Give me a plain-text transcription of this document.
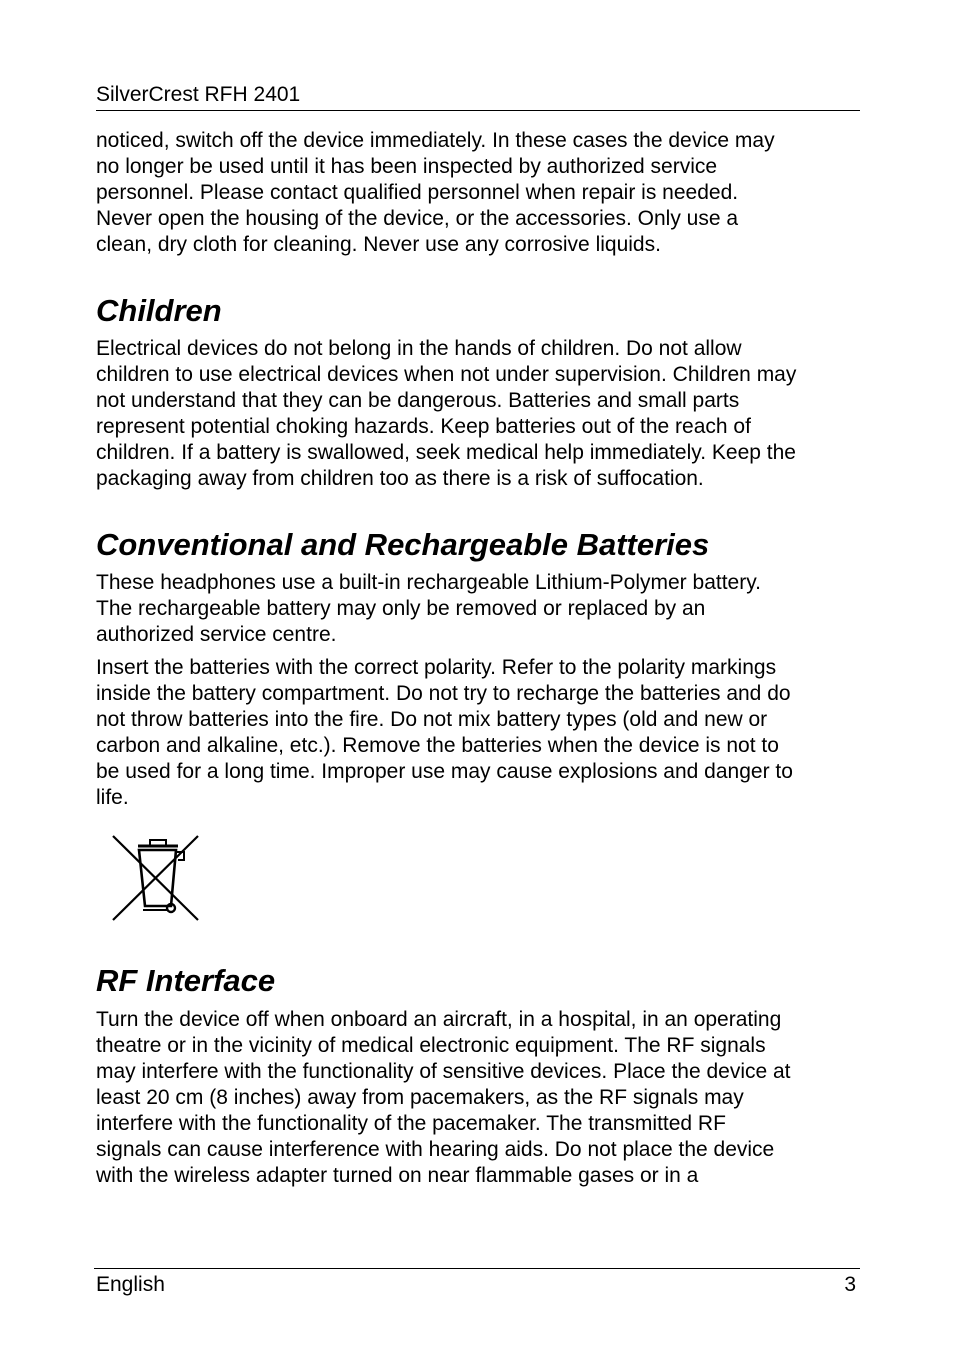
SilverCrest RFH 2401

noticed, switch off the device immediately. In these cases the device may
no longer be used until it has been inspected by authorized service
personnel. Please contact qualified personnel when repair is needed.
Never open the housing of the device, or the accessories. Only use a
clean, dry cloth for cleaning. Never use any corrosive liquids.

Children

Electrical devices do not belong in the hands of children. Do not allow
children to use electrical devices when not under supervision. Children may
not understand that they can be dangerous. Batteries and small parts
represent potential choking hazards. Keep batteries out of the reach of
children. If a battery is swallowed, seek medical help immediately. Keep the
packaging away from children too as there is a risk of suffocation.

Conventional and Rechargeable Batteries

These headphones use a built-in rechargeable Lithium-Polymer battery.
The rechargeable battery may only be removed or replaced by an
authorized service centre.

Insert the batteries with the correct polarity. Refer to the polarity markings
inside the battery compartment. Do not try to recharge the batteries and do
not throw batteries into the fire. Do not mix battery types (old and new or
carbon and alkaline, etc.). Remove the batteries when the device is not to
be used for a long time. Improper use may cause explosions and danger to
life.

RF Interface

Turn the device off when onboard an aircraft, in a hospital, in an operating
theatre or in the vicinity of medical electronic equipment. The RF signals
may interfere with the functionality of sensitive devices. Place the device at
least 20 cm (8 inches) away from pacemakers, as the RF signals may
interfere with the functionality of the pacemaker. The transmitted RF
signals can cause interference with hearing aids. Do not place the device
with the wireless adapter turned on near flammable gases or in a

English	3
